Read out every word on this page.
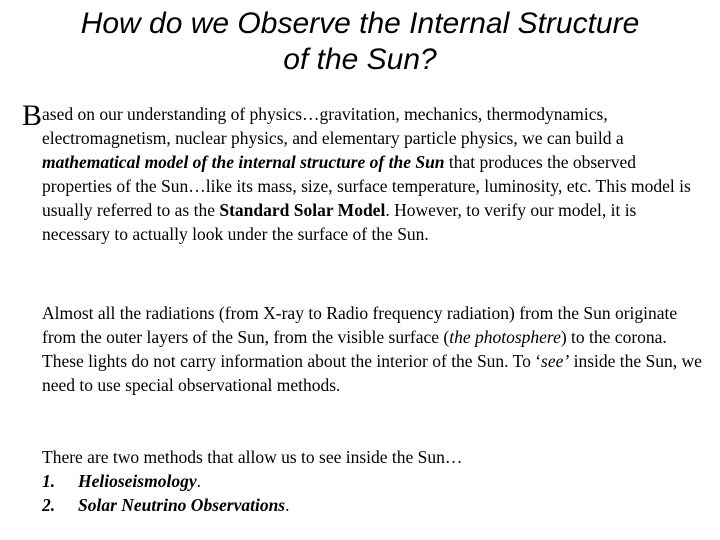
How do we Observe the Internal Structure
of the Sun?

B ased on our understanding of physics…gravitation, mechanics, thermodynamics, electromagnetism, nuclear physics, and elementary particle physics, we can build a mathematical model of the internal structure of the Sun that produces the observed properties of the Sun…like its mass, size, surface temperature, luminosity, etc. This model is usually referred to as the Standard Solar Model. However, to verify our model, it is necessary to actually look under the surface of the Sun.

Almost all the radiations (from X-ray to Radio frequency radiation) from the Sun originate from the outer layers of the Sun, from the visible surface (the photosphere) to the corona. These lights do not carry information about the interior of the Sun. To ‘see’ inside the Sun, we need to use special observational methods.

There are two methods that allow us to see inside the Sun…
1.	Helioseismology.
2.	Solar Neutrino Observations.
